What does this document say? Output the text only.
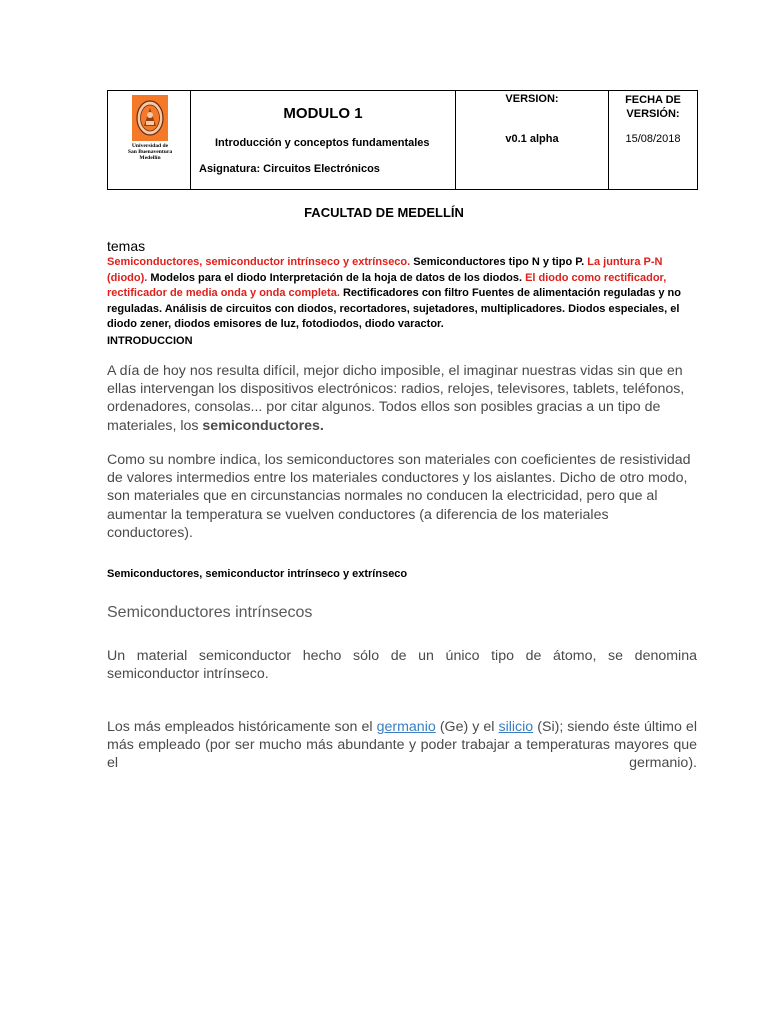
Universidad de
San Buenaventura
Medellín

MODULO 1
Introducción y conceptos fundamentales
Asignatura: Circuitos Electrónicos

VERSION:
v0.1 alpha

FECHA DE
VERSIÓN:
15/08/2018
FACULTAD DE MEDELLÍN
temas
Semiconductores, semiconductor intrínseco y extrínseco. Semiconductores tipo N y tipo P. La juntura P-N (diodo). Modelos para el diodo Interpretación de la hoja de datos de los diodos. El diodo como rectificador, rectificador de media onda y onda completa. Rectificadores con filtro Fuentes de alimentación reguladas y no reguladas. Análisis de circuitos con diodos, recortadores, sujetadores, multiplicadores. Diodos especiales, el diodo zener, diodos emisores de luz, fotodiodos, diodo varactor.
INTRODUCCION
A día de hoy nos resulta difícil, mejor dicho imposible, el imaginar nuestras vidas sin que en ellas intervengan los dispositivos electrónicos: radios, relojes, televisores, tablets, teléfonos, ordenadores, consolas... por citar algunos. Todos ellos son posibles gracias a un tipo de materiales, los semiconductores.
Como su nombre indica, los semiconductores son materiales con coeficientes de resistividad de valores intermedios entre los materiales conductores y los aislantes. Dicho de otro modo, son materiales que en circunstancias normales no conducen la electricidad, pero que al aumentar la temperatura se vuelven conductores (a diferencia de los materiales conductores).
Semiconductores, semiconductor intrínseco y extrínseco
Semiconductores intrínsecos
Un material semiconductor hecho sólo de un único tipo de átomo, se denomina semiconductor intrínseco.
Los más empleados históricamente son el germanio (Ge) y el silicio (Si); siendo éste último el más empleado (por ser mucho más abundante y poder trabajar a temperaturas mayores que el germanio).
